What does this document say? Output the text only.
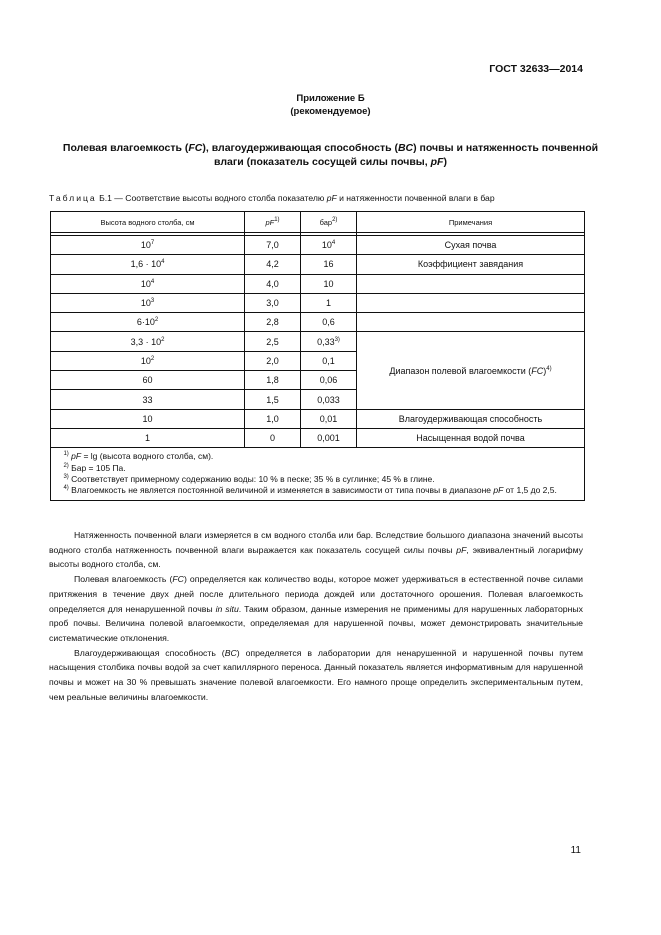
ГОСТ 32633—2014
Приложение Б
(рекомендуемое)
Полевая влагоемкость (FC), влагоудерживающая способность (BC) почвы и натяженность почвенной влаги (показатель сосущей силы почвы, pF)
Таблица Б.1 — Соответствие высоты водного столба показателю pF и натяженности почвенной влаги в бар
Высота водного столба, см	$pF^{1)}$	бар$^{2)}$	Примечания

$10^7$	7,0	$10^4$	Сухая почва
$1,6 \cdot 10^4$	4,2	16	Коэффициент завядания
$10^4$	4,0	10	
$10^3$	3,0	1	
$6\cdot 10^2$	2,8	0,6	
$3,3 \cdot 10^2$	2,5	0,33$^{3)}$	Диапазон полевой влагоемкости (FC)$^{4)}$
$10^2$	2,0	0,1	
60	1,8	0,06	
33	1,5	0,033	
10	1,0	0,01	Влагоудерживающая способность
1	0	0,001	Насыщенная водой почва

$^{1)}$ pF = lg (высота водного столба, см).
$^{2)}$ Бар = 105 Па.
$^{3)}$ Соответствует примерному содержанию воды: 10 % в песке; 35 % в суглинке; 45 % в глине.
$^{4)}$ Влагоемкость не является постоянной величиной и изменяется в зависимости от типа почвы в диапазоне pF от 1,5 до 2,5.			

Натяженность почвенной влаги измеряется в см водного столба или бар. Вследствие большого диапазона значений высоты водного столба натяженность почвенной влаги выражается как показатель сосущей силы почвы pF, эквивалентный логарифму высоты водного столба, см.

Полевая влагоемкость (FC) определяется как количество воды, которое может удерживаться в естественной почве силами притяжения в течение двух дней после длительного периода дождей или достаточного орошения. Полевая влагоемкость определяется для ненарушенной почвы in situ. Таким образом, данные измерения не применимы для нарушенных лабораторных проб почвы. Величина полевой влагоемкости, определяемая для нарушенной почвы, может демонстрировать значительные систематические отклонения.

Влагоудерживающая способность (BC) определяется в лаборатории для ненарушенной и нарушенной почвы путем насыщения столбика почвы водой за счет капиллярного переноса. Данный показатель является информативным для нарушенной почвы и может на 30 % превышать значение полевой влагоемкости. Его намного проще определить экспериментальным путем, чем реальные величины влагоемкости.

11
